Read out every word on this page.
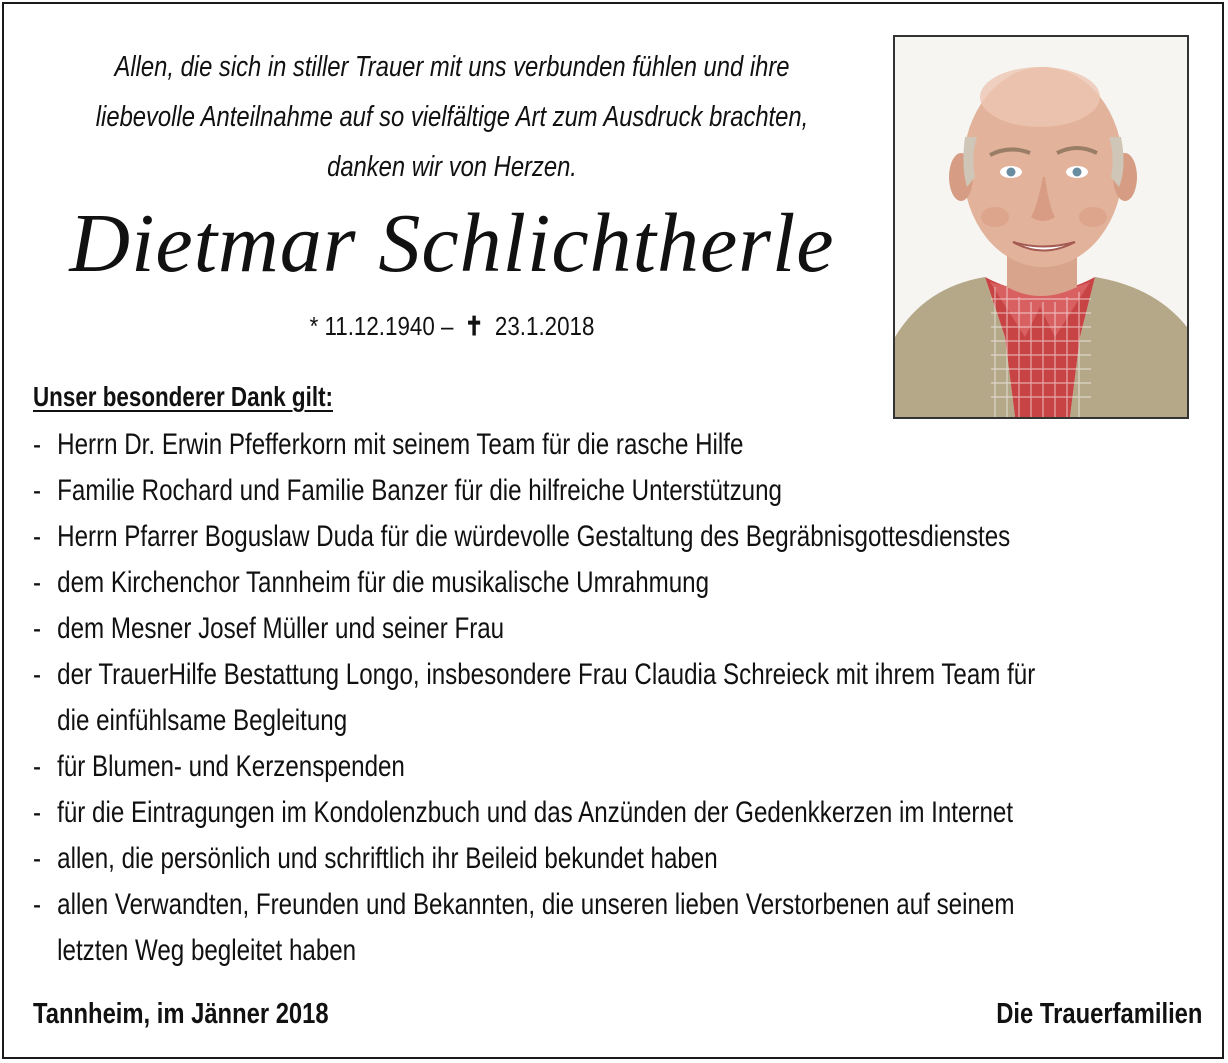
Allen, die sich in stiller Trauer mit uns verbunden fühlen und ihre
liebevolle Anteilnahme auf so vielfältige Art zum Ausdruck brachten,
danken wir von Herzen.
Dietmar Schlichtherle
* 11.12.1940 – ✝ 23.1.2018
Unser besonderer Dank gilt:
- Herrn Dr. Erwin Pfefferkorn mit seinem Team für die rasche Hilfe
- Familie Rochard und Familie Banzer für die hilfreiche Unterstützung
- Herrn Pfarrer Boguslaw Duda für die würdevolle Gestaltung des Begräbnisgottesdienstes
- dem Kirchenchor Tannheim für die musikalische Umrahmung
- dem Mesner Josef Müller und seiner Frau
- der TrauerHilfe Bestattung Longo, insbesondere Frau Claudia Schreieck mit ihrem Team für
die einfühlsame Begleitung
- für Blumen- und Kerzenspenden
- für die Eintragungen im Kondolenzbuch und das Anzünden der Gedenkkerzen im Internet
- allen, die persönlich und schriftlich ihr Beileid bekundet haben
- allen Verwandten, Freunden und Bekannten, die unseren lieben Verstorbenen auf seinem
letzten Weg begleitet haben
Tannheim, im Jänner 2018	Die Trauerfamilien
